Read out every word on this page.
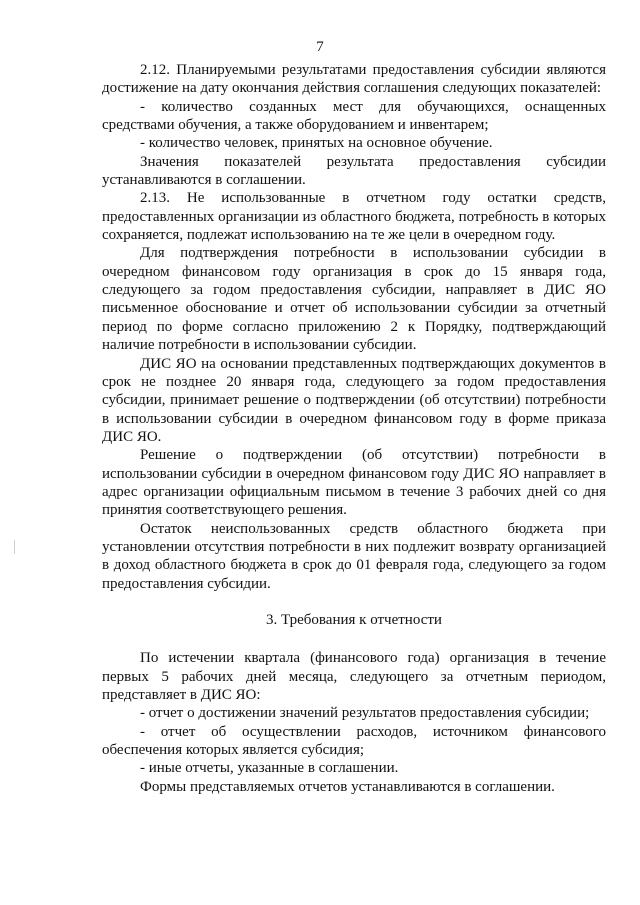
7

2.12. Планируемыми результатами предоставления субсидии являются достижение на дату окончания действия соглашения следующих показателей:

- количество созданных мест для обучающихся, оснащенных средствами обучения, а также оборудованием и инвентарем;

- количество человек, принятых на основное обучение.

Значения показателей результата предоставления субсидии устанавливаются в соглашении.

2.13. Не использованные в отчетном году остатки средств, предоставленных организации из областного бюджета, потребность в которых сохраняется, подлежат использованию на те же цели в очередном году.

Для подтверждения потребности в использовании субсидии в очередном финансовом году организация в срок до 15 января года, следующего за годом предоставления субсидии, направляет в ДИС ЯО письменное обоснование и отчет об использовании субсидии за отчетный период по форме согласно приложению 2 к Порядку, подтверждающий наличие потребности в использовании субсидии.

ДИС ЯО на основании представленных подтверждающих документов в срок не позднее 20 января года, следующего за годом предоставления субсидии, принимает решение о подтверждении (об отсутствии) потребности в использовании субсидии в очередном финансовом году в форме приказа ДИС ЯО.

Решение о подтверждении (об отсутствии) потребности в использовании субсидии в очередном финансовом году ДИС ЯО направляет в адрес организации официальным письмом в течение 3 рабочих дней со дня принятия соответствующего решения.

Остаток неиспользованных средств областного бюджета при установлении отсутствия потребности в них подлежит возврату организацией в доход областного бюджета в срок до 01 февраля года, следующего за годом предоставления субсидии.

3. Требования к отчетности

По истечении квартала (финансового года) организация в течение первых 5 рабочих дней месяца, следующего за отчетным периодом, представляет в ДИС ЯО:

- отчет о достижении значений результатов предоставления субсидии;

- отчет об осуществлении расходов, источником финансового обеспечения которых является субсидия;

- иные отчеты, указанные в соглашении.

Формы представляемых отчетов устанавливаются в соглашении.
